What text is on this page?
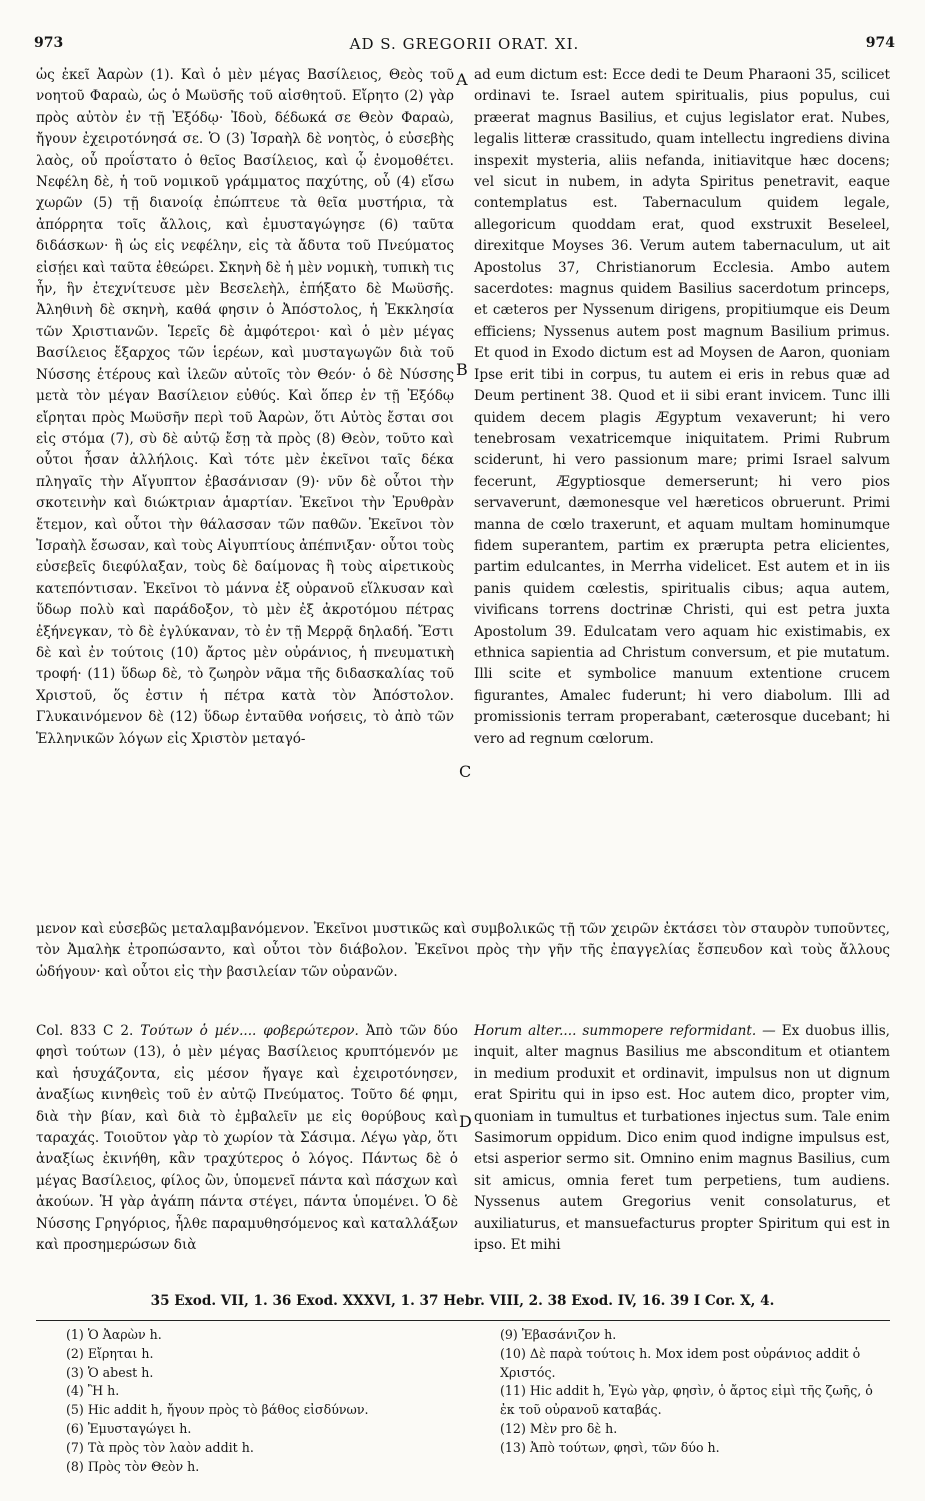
973	AD S. GREGORII ORAT. XI.	974

ὡς ἐκεῖ Ἀαρὼν (1). Καὶ ὁ μὲν μέγας Βασίλειος, Θεὸς τοῦ νοητοῦ Φαραὼ, ὡς ὁ Μωϋσῆς τοῦ αἰσθητοῦ. Εἴρητο (2) γὰρ πρὸς αὐτὸν ἐν τῇ Ἐξόδῳ· Ἰδοὺ, δέδωκά σε Θεὸν Φαραὼ, ἤγουν ἐχειροτόνησά σε. Ὁ (3) Ἰσραὴλ δὲ νοητὸς, ὁ εὐσεβὴς λαὸς, οὗ προΐστατο ὁ θεῖος Βασίλειος, καὶ ᾧ ἐνομοθέτει. Νεφέλη δὲ, ἡ τοῦ νομικοῦ γράμματος παχύτης, οὗ (4) εἴσω χωρῶν (5) τῇ διανοίᾳ ἐπώπτευε τὰ θεῖα μυστήρια, τὰ ἀπόρρητα τοῖς ἄλλοις, καὶ ἐμυσταγώγησε (6) ταῦτα διδάσκων· ἢ ὡς εἰς νεφέλην, εἰς τὰ ἄδυτα τοῦ Πνεύματος εἰσῄει καὶ ταῦτα ἐθεώρει. Σκηνὴ δὲ ἡ μὲν νομικὴ, τυπικὴ τις ἦν, ἣν ἐτεχνίτευσε μὲν Βεσελεὴλ, ἐπήξατο δὲ Μωϋσῆς. Ἀληθινὴ δὲ σκηνὴ, καθά φησιν ὁ Ἀπόστολος, ἡ Ἐκκλησία τῶν Χριστιανῶν. Ἱερεῖς δὲ ἀμφότεροι· καὶ ὁ μὲν μέγας Βασίλειος ἔξαρχος τῶν ἱερέων, καὶ μυσταγωγῶν διὰ τοῦ Νύσσης ἑτέρους καὶ ἱλεῶν αὐτοῖς τὸν Θεόν· ὁ δὲ Νύσσης μετὰ τὸν μέγαν Βασίλειον εὐθύς. Καὶ ὅπερ ἐν τῇ Ἐξόδῳ εἴρηται πρὸς Μωϋσῆν περὶ τοῦ Ἀαρὼν, ὅτι Αὐτὸς ἔσται σοι εἰς στόμα (7), σὺ δὲ αὐτῷ ἔσῃ τὰ πρὸς (8) Θεὸν, τοῦτο καὶ οὗτοι ἦσαν ἀλλήλοις. Καὶ τότε μὲν ἐκεῖνοι ταῖς δέκα πληγαῖς τὴν Αἴγυπτον ἐβασάνισαν (9)· νῦν δὲ οὗτοι τὴν σκοτεινὴν καὶ διώκτριαν ἁμαρτίαν. Ἐκεῖνοι τὴν Ἐρυθρὰν ἔτεμον, καὶ οὗτοι τὴν θάλασσαν τῶν παθῶν. Ἐκεῖνοι τὸν Ἰσραὴλ ἔσωσαν, καὶ τοὺς Αἰγυπτίους ἀπέπνιξαν· οὗτοι τοὺς εὐσεβεῖς διεφύλαξαν, τοὺς δὲ δαίμονας ἢ τοὺς αἱρετικοὺς κατεπόντισαν. Ἐκεῖνοι τὸ μάννα ἐξ οὐρανοῦ εἵλκυσαν καὶ ὕδωρ πολὺ καὶ παράδοξον, τὸ μὲν ἐξ ἀκροτόμου πέτρας ἐξήνεγκαν, τὸ δὲ ἐγλύκαναν, τὸ ἐν τῇ Μερρᾷ δηλαδή. Ἔστι δὲ καὶ ἐν τούτοις (10) ἄρτος μὲν οὐράνιος, ἡ πνευματικὴ τροφή· (11) ὕδωρ δὲ, τὸ ζωηρὸν νᾶμα τῆς διδασκαλίας τοῦ Χριστοῦ, ὅς ἐστιν ἡ πέτρα κατὰ τὸν Ἀπόστολον. Γλυκαινόμενον δὲ (12) ὕδωρ ἐνταῦθα νοήσεις, τὸ ἀπὸ τῶν Ἑλληνικῶν λόγων εἰς Χριστὸν μεταγό-

ad eum dictum est: Ecce dedi te Deum Pharaoni 35, scilicet ordinavi te. Israel autem spiritualis, pius populus, cui præerat magnus Basilius, et cujus legislator erat. Nubes, legalis litteræ crassitudo, quam intellectu ingrediens divina inspexit mysteria, aliis nefanda, initiavitque hæc docens; vel sicut in nubem, in adyta Spiritus penetravit, eaque contemplatus est. Tabernaculum quidem legale, allegoricum quoddam erat, quod exstruxit Beseleel, direxitque Moyses 36. Verum autem tabernaculum, ut ait Apostolus 37, Christianorum Ecclesia. Ambo autem sacerdotes: magnus quidem Basilius sacerdotum princeps, et cæteros per Nyssenum dirigens, propitiumque eis Deum efficiens; Nyssenus autem post magnum Basilium primus. Et quod in Exodo dictum est ad Moysen de Aaron, quoniam Ipse erit tibi in corpus, tu autem ei eris in rebus quæ ad Deum pertinent 38. Quod et ii sibi erant invicem. Tunc illi quidem decem plagis Ægyptum vexaverunt; hi vero tenebrosam vexatricemque iniquitatem. Primi Rubrum sciderunt, hi vero passionum mare; primi Israel salvum fecerunt, Ægyptiosque demerserunt; hi vero pios servaverunt, dæmonesque vel hæreticos obruerunt. Primi manna de cœlo traxerunt, et aquam multam hominumque fidem superantem, partim ex prærupta petra elicientes, partim edulcantes, in Merrha videlicet. Est autem et in iis panis quidem cœlestis, spiritualis cibus; aqua autem, vivificans torrens doctrinæ Christi, qui est petra juxta Apostolum 39. Edulcatam vero aquam hic existimabis, ex ethnica sapientia ad Christum conversum, et pie mutatum. Illi scite et symbolice manuum extentione crucem figurantes, Amalec fuderunt; hi vero diabolum. Illi ad promissionis terram properabant, cæterosque ducebant; hi vero ad regnum cœlorum.

A
B
C
D

μενον καὶ εὐσεβῶς μεταλαμβανόμενον. Ἐκεῖνοι μυστικῶς καὶ συμβολικῶς τῇ τῶν χειρῶν ἐκτάσει τὸν σταυρὸν τυποῦντες, τὸν Ἀμαλὴκ ἐτροπώσαντο, καὶ οὗτοι τὸν διάβολον. Ἐκεῖνοι πρὸς τὴν γῆν τῆς ἐπαγγελίας ἔσπευδον καὶ τοὺς ἄλλους ὡδήγουν· καὶ οὗτοι εἰς τὴν βασιλείαν τῶν οὐρανῶν.

Col. 833 C 2. Τούτων ὁ μέν.... φοβερώτερον. Ἀπὸ τῶν δύο φησὶ τούτων (13), ὁ μὲν μέγας Βασίλειος κρυπτόμενόν με καὶ ἡσυχάζοντα, εἰς μέσον ἤγαγε καὶ ἐχειροτόνησεν, ἀναξίως κινηθεὶς τοῦ ἐν αὐτῷ Πνεύματος. Τοῦτο δέ φημι, διὰ τὴν βίαν, καὶ διὰ τὸ ἐμβαλεῖν με εἰς θορύβους καὶ ταραχάς. Τοιοῦτον γὰρ τὸ χωρίον τὰ Σάσιμα. Λέγω γὰρ, ὅτι ἀναξίως ἐκινήθη, κἂν τραχύτερος ὁ λόγος. Πάντως δὲ ὁ μέγας Βασίλειος, φίλος ὢν, ὑπομενεῖ πάντα καὶ πάσχων καὶ ἀκούων. Ἡ γὰρ ἀγάπη πάντα στέγει, πάντα ὑπομένει. Ὁ δὲ Νύσσης Γρηγόριος, ἦλθε παραμυθησόμενος καὶ καταλλάξων καὶ προσημερώσων διὰ

Horum alter.... summopere reformidant. — Ex duobus illis, inquit, alter magnus Basilius me absconditum et otiantem in medium produxit et ordinavit, impulsus non ut dignum erat Spiritu qui in ipso est. Hoc autem dico, propter vim, quoniam in tumultus et turbationes injectus sum. Tale enim Sasimorum oppidum. Dico enim quod indigne impulsus est, etsi asperior sermo sit. Omnino enim magnus Basilius, cum sit amicus, omnia feret tum perpetiens, tum audiens. Nyssenus autem Gregorius venit consolaturus, et auxiliaturus, et mansuefacturus propter Spiritum qui est in ipso. Et mihi

35 Exod. VII, 1. 36 Exod. XXXVI, 1. 37 Hebr. VIII, 2. 38 Exod. IV, 16. 39 I Cor. X, 4.

(1) Ὁ Ἀαρὼν h.

(2) Εἴρηται h.

(3) Ὁ abest h.

(4) Ἢ h.

(5) Hic addit h, ἤγουν πρὸς τὸ βάθος εἰσδύνων.

(6) Ἐμυσταγώγει h.

(7) Τὰ πρὸς τὸν λαὸν addit h.

(8) Πρὸς τὸν Θεὸν h.

(9) Ἐβασάνιζον h.

(10) Δὲ παρὰ τούτοις h. Mox idem post οὐράνιος addit ὁ Χριστός.

(11) Hic addit h, Ἐγὼ γὰρ, φησὶν, ὁ ἄρτος εἰμὶ τῆς ζωῆς, ὁ ἐκ τοῦ οὐρανοῦ καταβάς.

(12) Μὲν pro δὲ h.

(13) Ἀπὸ τούτων, φησὶ, τῶν δύο h.
